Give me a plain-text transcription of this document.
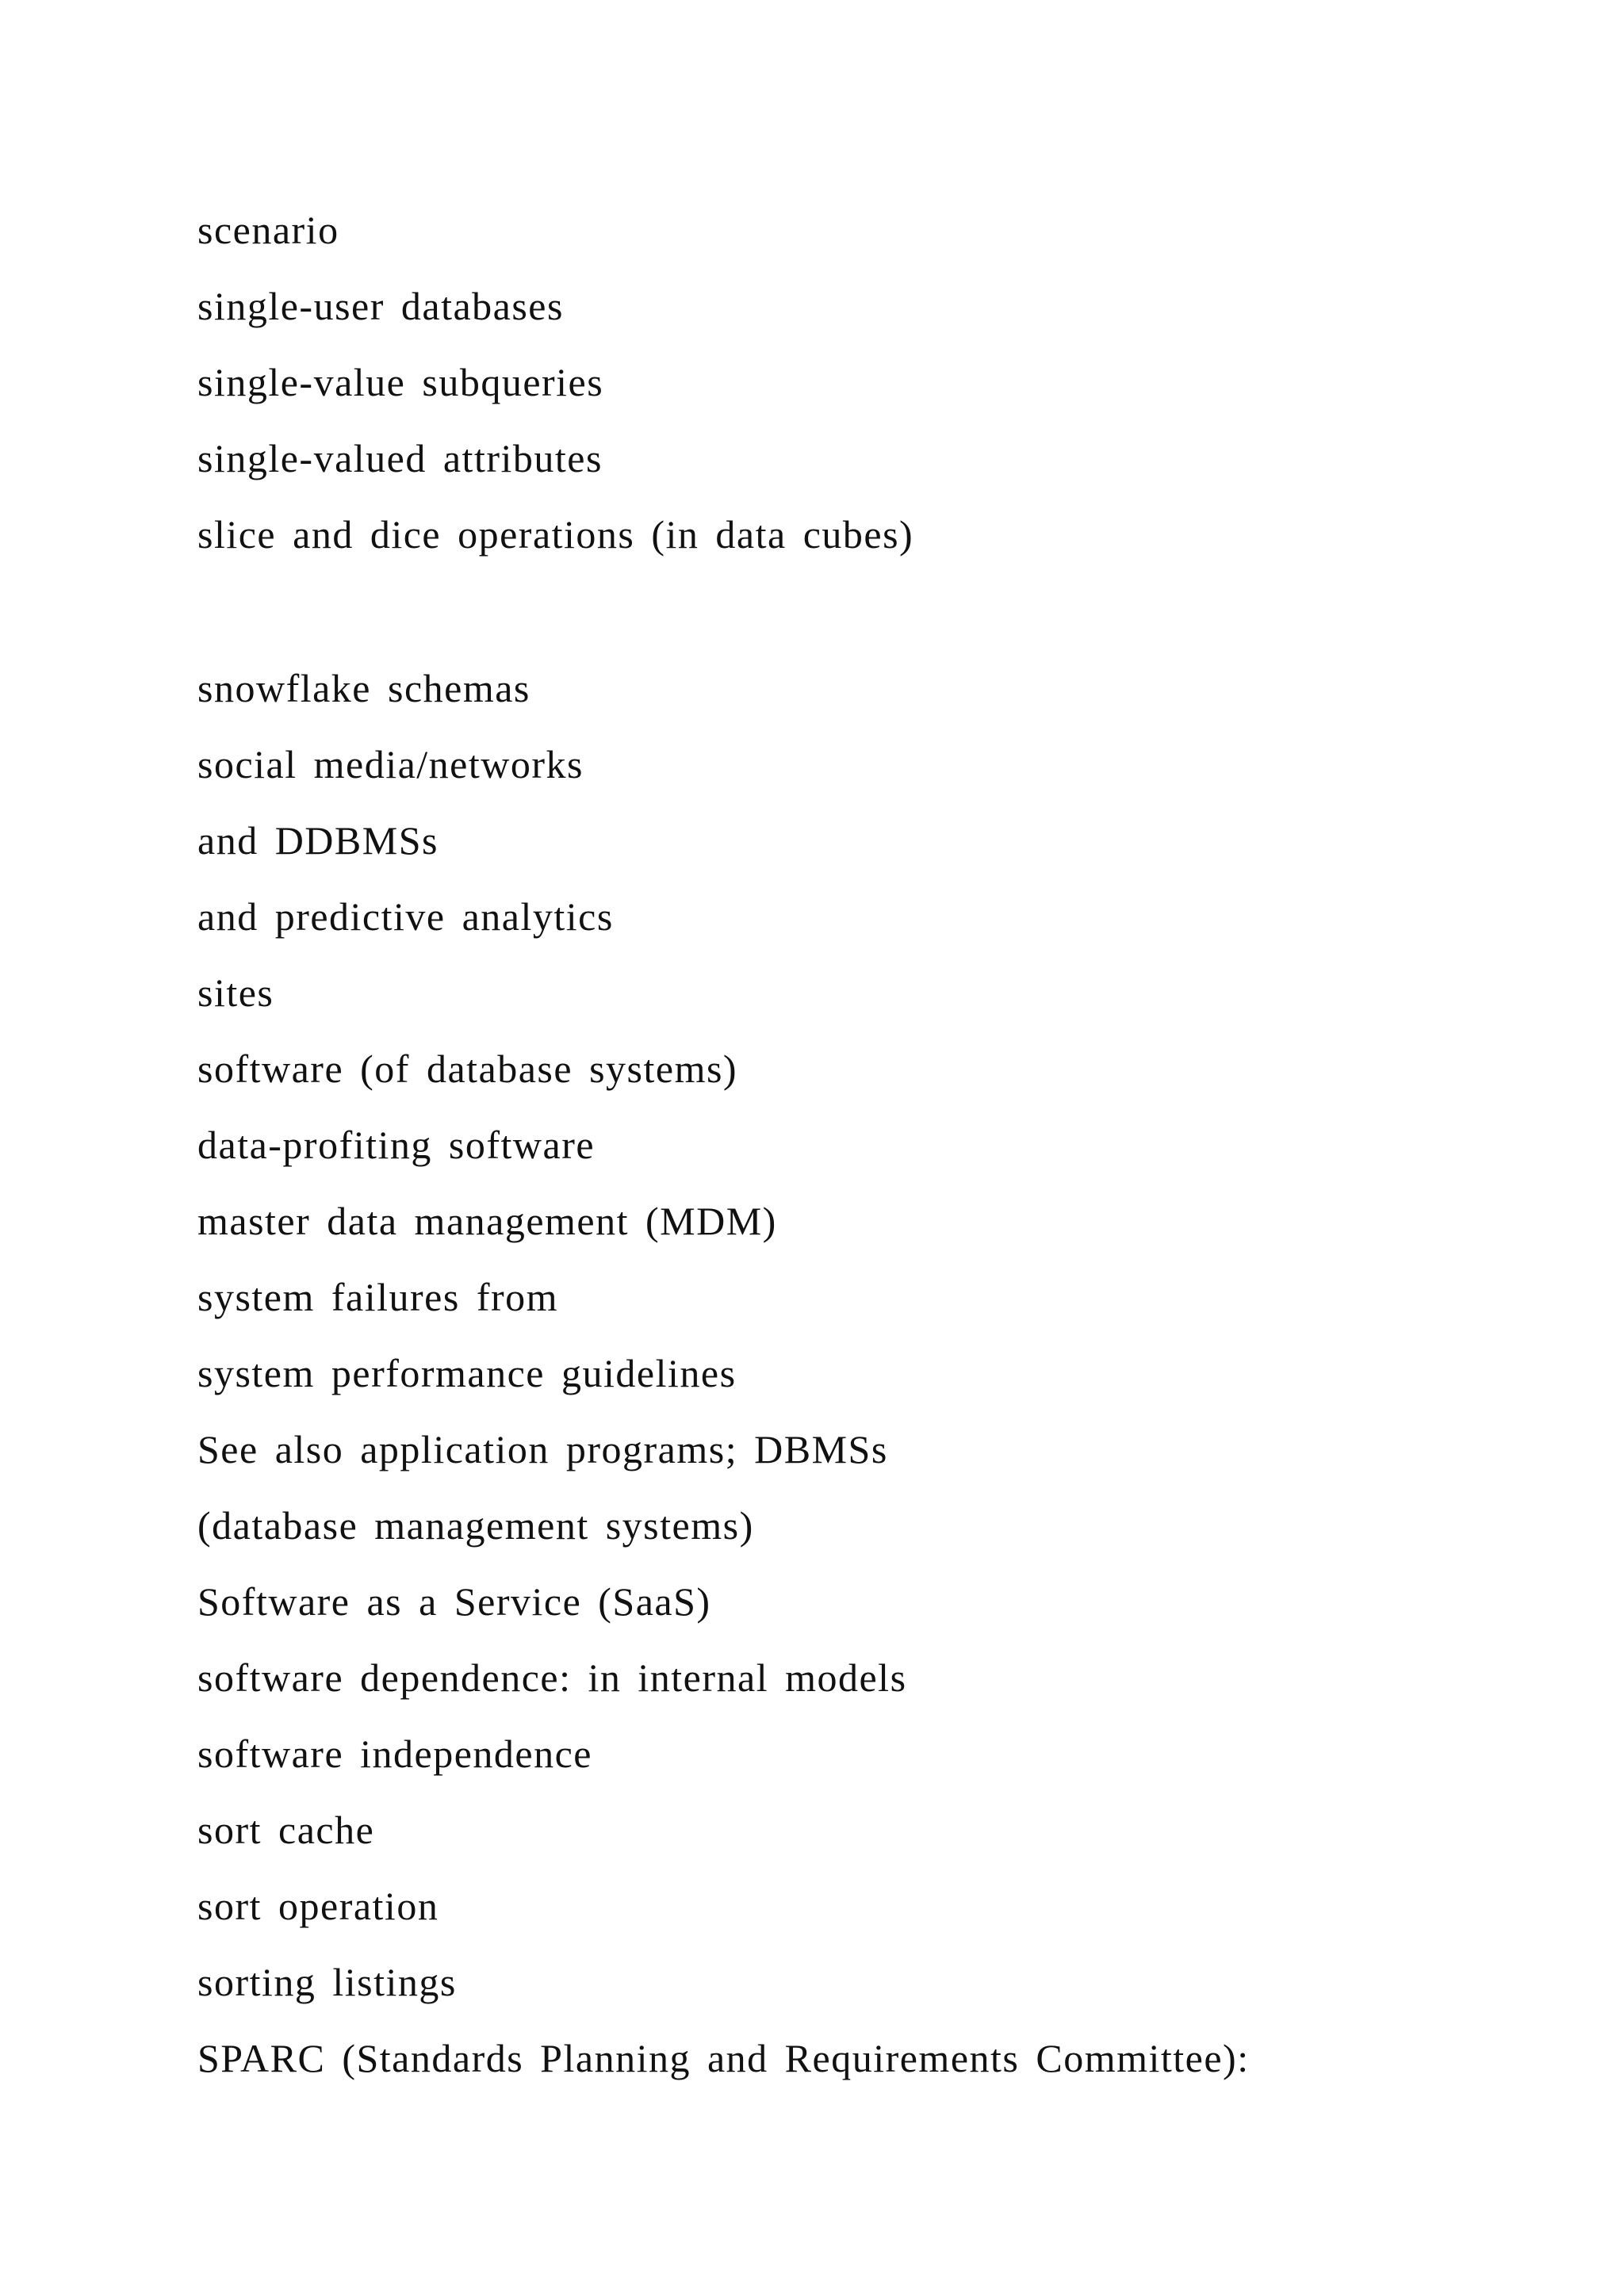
scenario
single-user databases
single-value subqueries
single-valued attributes
slice and dice operations (in data cubes)
snowflake schemas
social media/networks
and DDBMSs
and predictive analytics
sites
software (of database systems)
data-profiting software
master data management (MDM)
system failures from
system performance guidelines
See also application programs; DBMSs
(database management systems)
Software as a Service (SaaS)
software dependence: in internal models
software independence
sort cache
sort operation
sorting listings
SPARC (Standards Planning and Requirements Committee):
